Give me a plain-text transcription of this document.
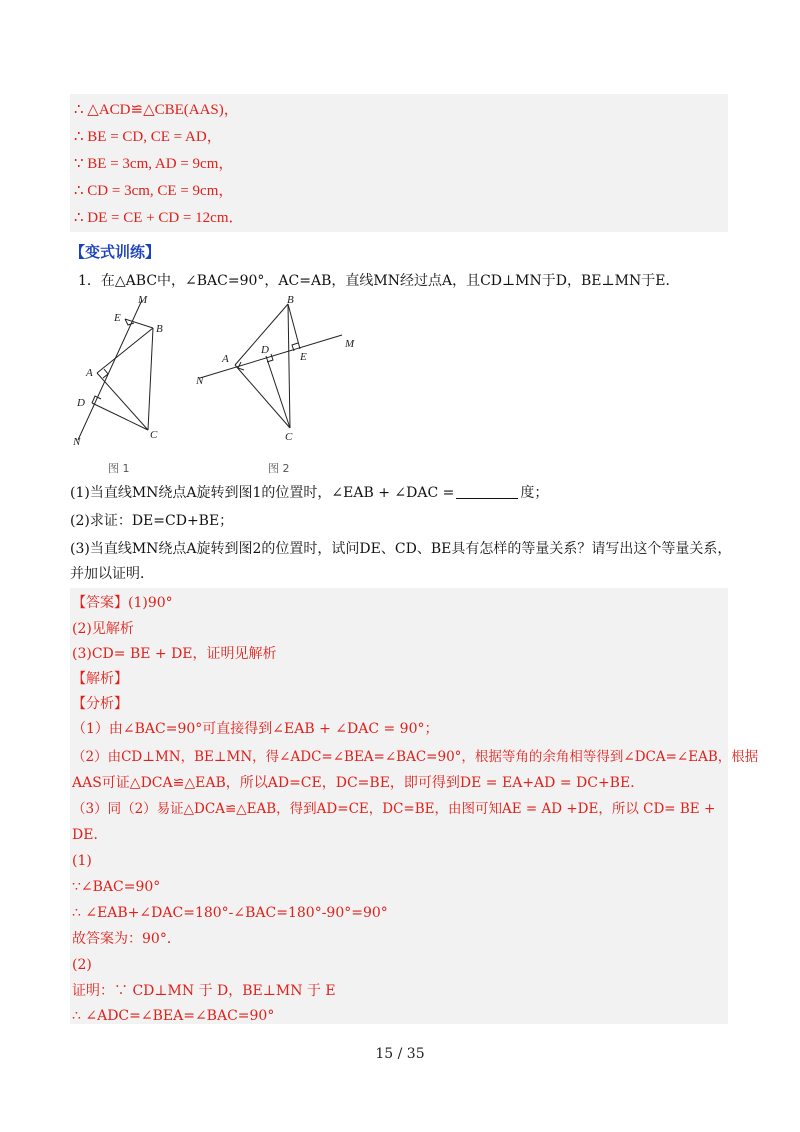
∴ △ACD≌△CBE(AAS)，
∴ BE = CD, CE = AD，
∵ BE = 3cm, AD = 9cm，
∴ CD = 3cm, CE = 9cm，
∴ DE = CE + CD = 12cm．
【变式训练】
1．在△ABC中，∠BAC=90°，AC=AB，直线MN经过点A，且CD⊥MN于D，BE⊥MN于E．
M
E
B
A
D
C
N
B
A
D
E
M
N
C
图 1	图 2
(1)当直线MN绕点A旋转到图1的位置时，∠EAB + ∠DAC =	度；
(2)求证：DE=CD+BE；
(3)当直线MN绕点A旋转到图2的位置时，试问DE、CD、BE具有怎样的等量关系？请写出这个等量关系，
并加以证明．
【答案】(1)90°
(2)见解析
(3)CD= BE + DE，证明见解析
【解析】
【分析】
（1）由∠BAC=90°可直接得到∠EAB + ∠DAC = 90°；
（2）由CD⊥MN，BE⊥MN，得∠ADC=∠BEA=∠BAC=90°，根据等角的余角相等得到∠DCA=∠EAB，根据
AAS可证△DCA≌△EAB，所以AD=CE，DC=BE，即可得到DE = EA+AD = DC+BE．
（3）同（2）易证△DCA≌△EAB，得到AD=CE，DC=BE，由图可知AE = AD +DE，所以 CD= BE +
DE．
(1)
∵∠BAC=90°
∴ ∠EAB+∠DAC=180°-∠BAC=180°-90°=90°
故答案为：90°．
(2)
证明：∵ CD⊥MN 于 D，BE⊥MN 于 E
∴ ∠ADC=∠BEA=∠BAC=90°
15 / 35
